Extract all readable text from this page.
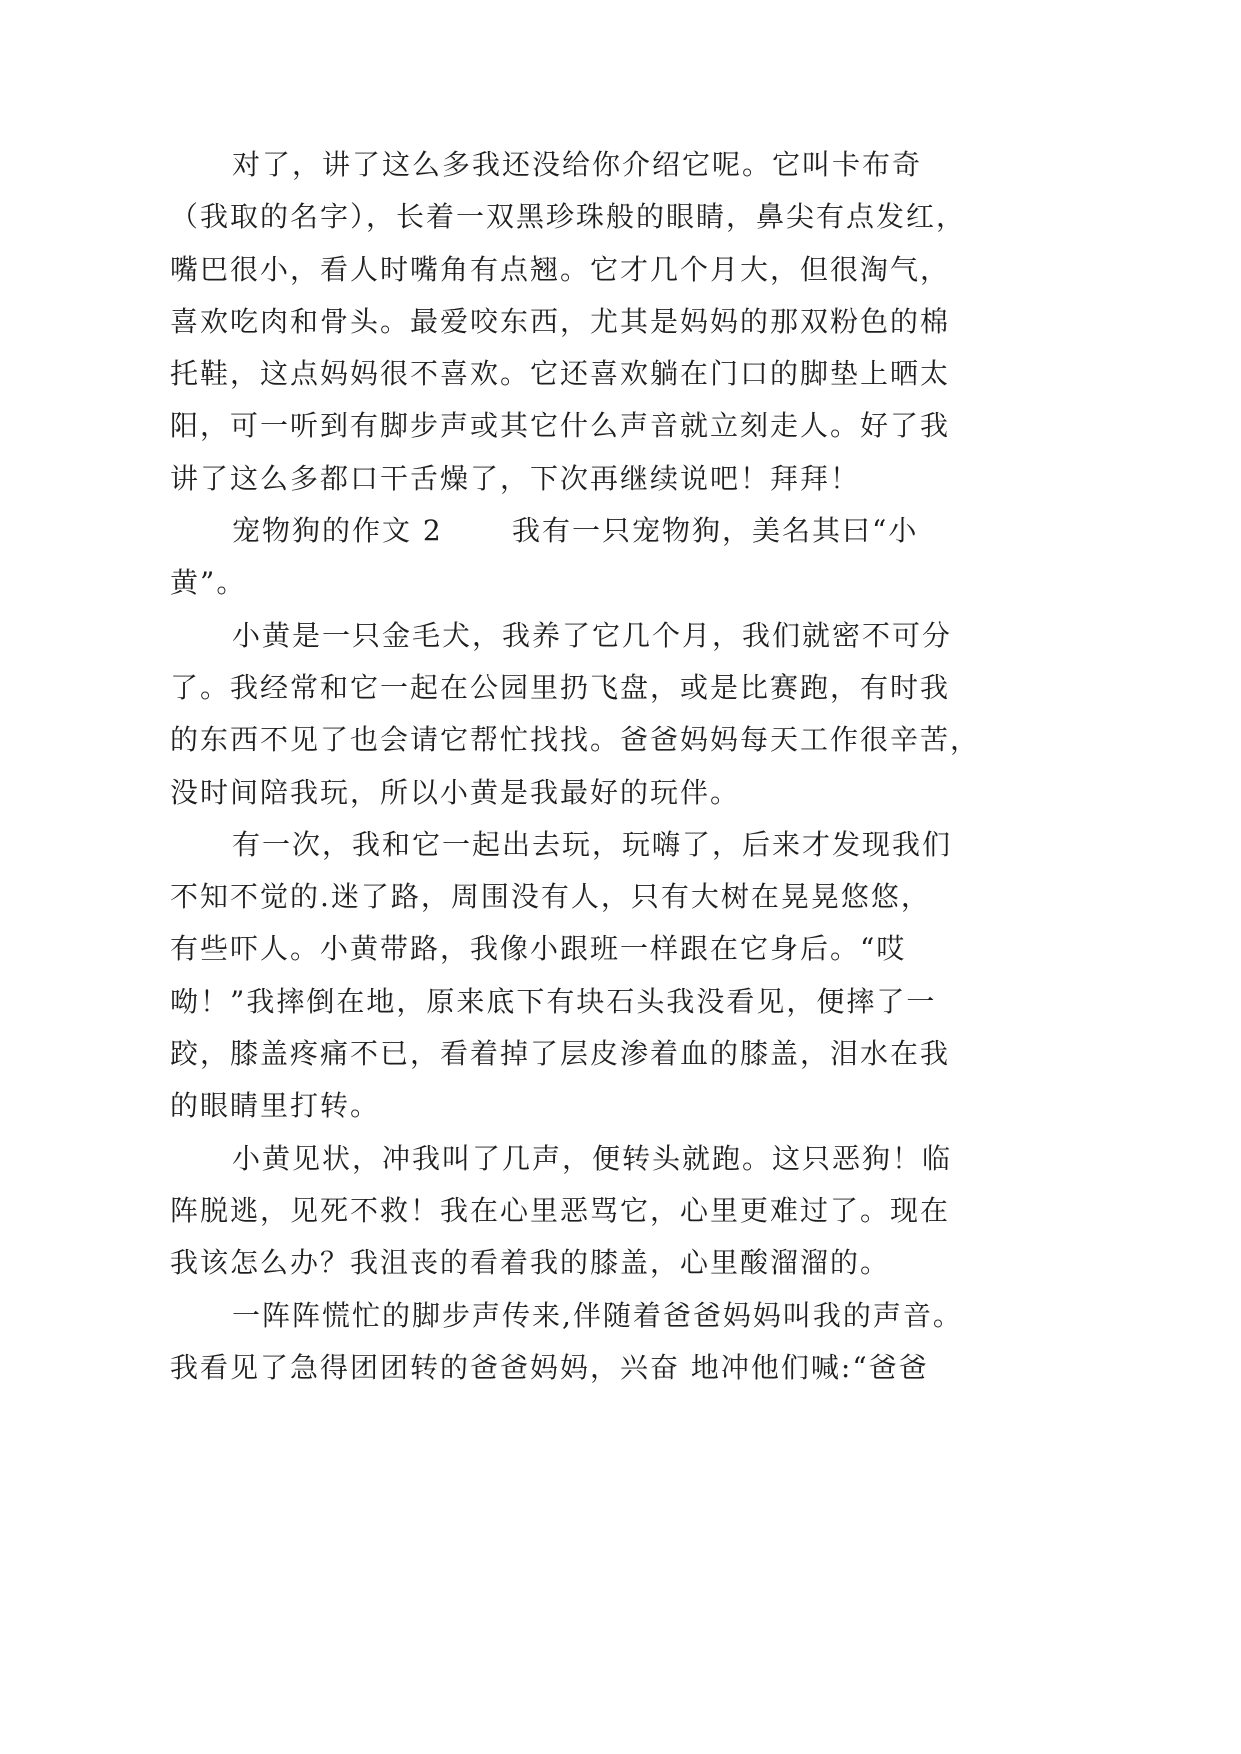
对了，讲了这么多我还没给你介绍它呢。它叫卡布奇
（我取的名字），长着一双黑珍珠般的眼睛，鼻尖有点发红，
嘴巴很小，看人时嘴角有点翘。它才几个月大，但很淘气，
喜欢吃肉和骨头。最爱咬东西，尤其是妈妈的那双粉色的棉
托鞋，这点妈妈很不喜欢。它还喜欢躺在门口的脚垫上晒太
阳，可一听到有脚步声或其它什么声音就立刻走人。好了我
讲了这么多都口干舌燥了，下次再继续说吧！拜拜！
宠物狗的作文 2 我有一只宠物狗，美名其曰“小
黄”。
小黄是一只金毛犬，我养了它几个月，我们就密不可分
了。我经常和它一起在公园里扔飞盘，或是比赛跑，有时我
的东西不见了也会请它帮忙找找。爸爸妈妈每天工作很辛苦，
没时间陪我玩，所以小黄是我最好的玩伴。
有一次，我和它一起出去玩，玩嗨了，后来才发现我们
不知不觉的.迷了路，周围没有人，只有大树在晃晃悠悠，
有些吓人。小黄带路，我像小跟班一样跟在它身后。“哎
呦！”我摔倒在地，原来底下有块石头我没看见，便摔了一
跤，膝盖疼痛不已，看着掉了层皮渗着血的膝盖，泪水在我
的眼睛里打转。
小黄见状，冲我叫了几声，便转头就跑。这只恶狗！临
阵脱逃，见死不救！我在心里恶骂它，心里更难过了。现在
我该怎么办？我沮丧的看着我的膝盖，心里酸溜溜的。
一阵阵慌忙的脚步声传来,伴随着爸爸妈妈叫我的声音。
我看见了急得团团转的爸爸妈妈，兴奋 地冲他们喊:“爸爸
